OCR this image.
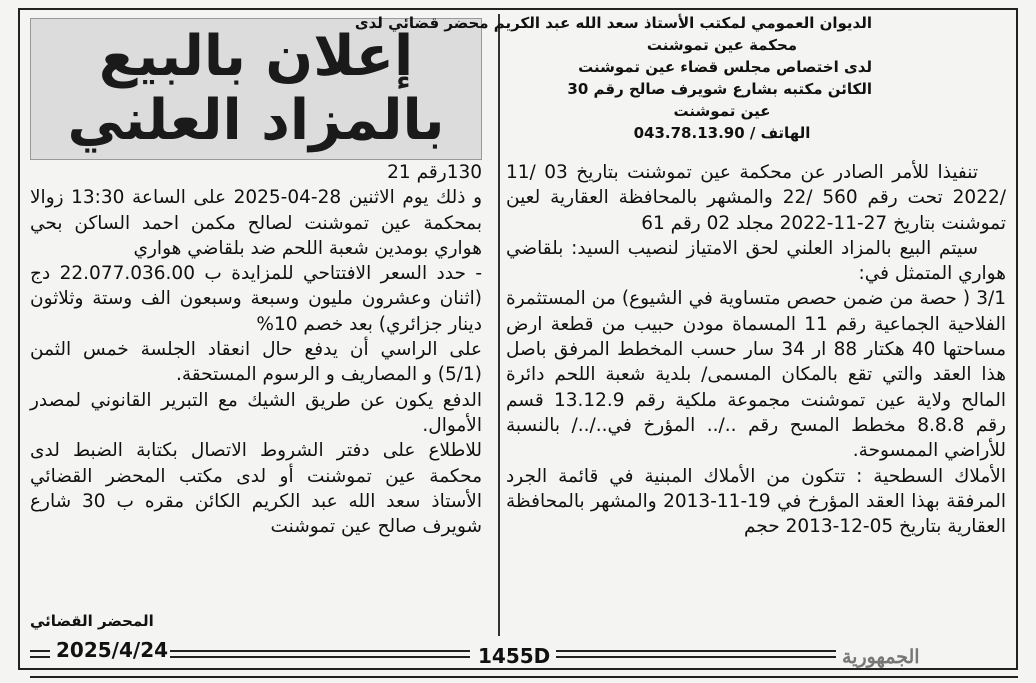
إعلان بالبيع
بالمزاد العلني
الديوان العمومي لمكتب الأستاذ سعد الله عبد الكريم محضر قضائي لدى
محكمة عين تموشنت
لدى اختصاص مجلس قضاء عين تموشنت
الكائن مكتبه بشارع شويرف صالح رقم 30
عين تموشنت
الهاتف / 043.78.13.90

تنفيذا للأمر الصادر عن محكمة عين تموشنت بتاريخ 03 /11 /2022 تحت رقم 560 /22 والمشهر بالمحافظة العقارية لعين تموشنت بتاريخ 27-11-2022 مجلد 02 رقم 61

سيتم البيع بالمزاد العلني لحق الامتياز لنصيب السيد: بلقاضي هواري المتمثل في:

3/1 ( حصة من ضمن حصص متساوية في الشيوع) من المستثمرة الفلاحية الجماعية رقم 11 المسماة مودن حبيب من قطعة ارض مساحتها 40 هكتار 88 ار 34 سار حسب المخطط المرفق باصل هذا العقد والتي تقع بالمكان المسمى/ بلدية شعبة اللحم دائرة المالح ولاية عين تموشنت مجموعة ملكية رقم 13.12.9 قسم رقم 8.8.8 مخطط المسح رقم ../.. المؤرخ في../../ بالنسبة للأراضي الممسوحة.

الأملاك السطحية : تتكون من الأملاك المبنية في قائمة الجرد المرفقة بهذا العقد المؤرخ في 19-11-2013 والمشهر بالمحافظة العقارية بتاريخ 05-12-2013 حجم

130رقم 21

و ذلك يوم الاثنين 28-04-2025 على الساعة 13:30 زوالا بمحكمة عين تموشنت لصالح مكمن احمد الساكن بحي هواري بومدين شعبة اللحم ضد بلقاضي هواري

- حدد السعر الافتتاحي للمزايدة ب 22.077.036.00 دج (اثنان وعشرون مليون وسبعة وسبعون الف وستة وثلاثون دينار جزائري) بعد خصم 10%

على الراسي أن يدفع حال انعقاد الجلسة خمس الثمن (5/1) و المصاريف و الرسوم المستحقة.

الدفع يكون عن طريق الشيك مع التبرير القانوني لمصدر الأموال.

للاطلاع على دفتر الشروط الاتصال بكتابة الضبط لدى محكمة عين تموشنت أو لدى مكتب المحضر القضائي الأستاذ سعد الله عبد الكريم الكائن مقره ب 30 شارع شويرف صالح عين تموشنت

المحضر القضائي
2025/4/24	1455D	الجمهورية
